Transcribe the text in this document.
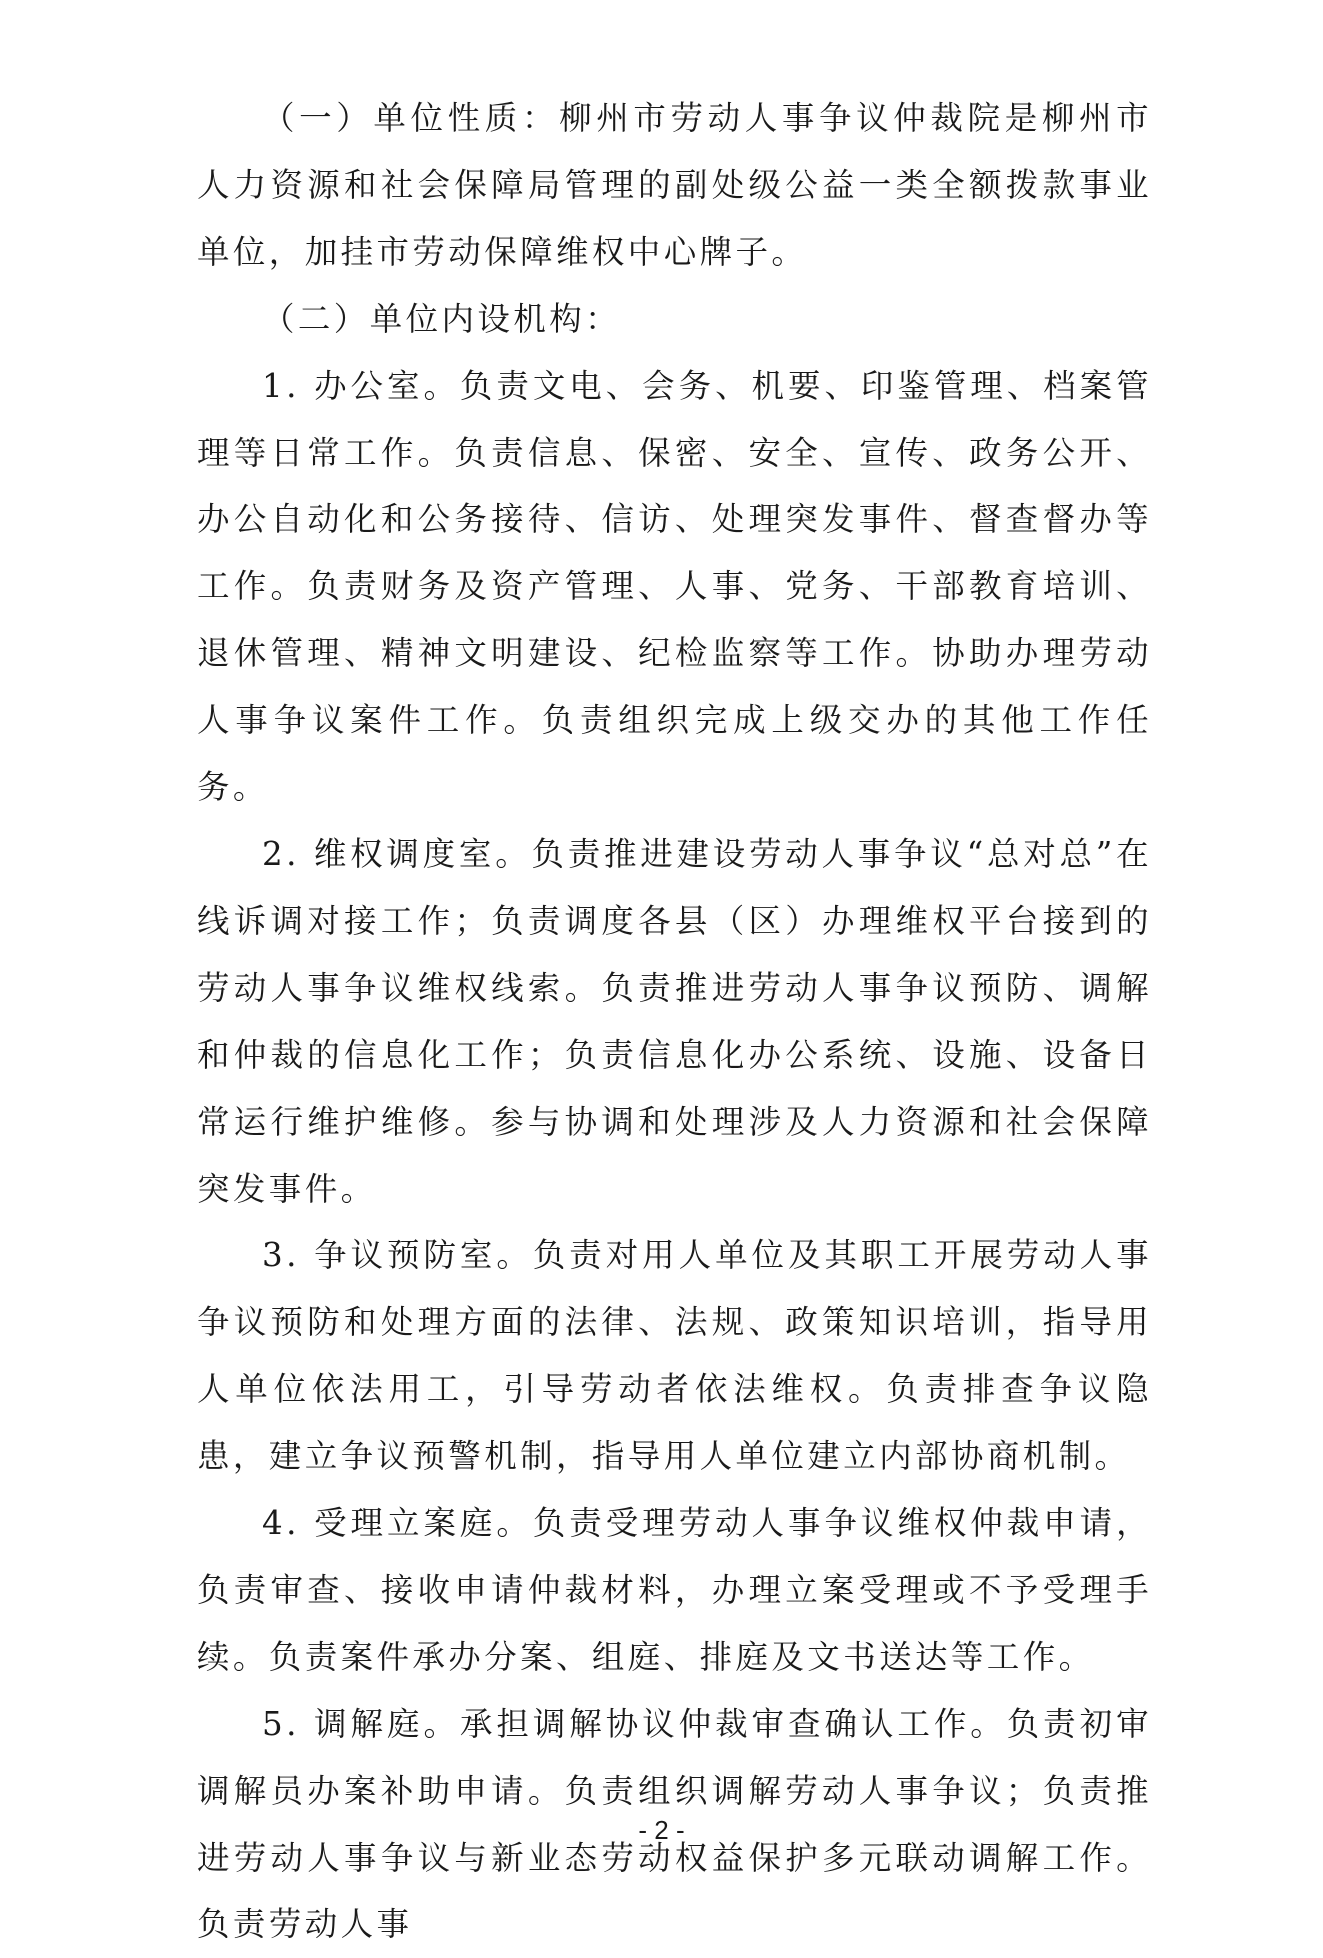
（一）单位性质：柳州市劳动人事争议仲裁院是柳州市人力资源和社会保障局管理的副处级公益一类全额拨款事业单位，加挂市劳动保障维权中心牌子。

（二）单位内设机构：

1. 办公室。负责文电、会务、机要、印鉴管理、档案管理等日常工作。负责信息、保密、安全、宣传、政务公开、办公自动化和公务接待、信访、处理突发事件、督查督办等工作。负责财务及资产管理、人事、党务、干部教育培训、退休管理、精神文明建设、纪检监察等工作。协助办理劳动人事争议案件工作。负责组织完成上级交办的其他工作任务。

2. 维权调度室。负责推进建设劳动人事争议“总对总”在线诉调对接工作；负责调度各县（区）办理维权平台接到的劳动人事争议维权线索。负责推进劳动人事争议预防、调解和仲裁的信息化工作；负责信息化办公系统、设施、设备日常运行维护维修。参与协调和处理涉及人力资源和社会保障突发事件。

3. 争议预防室。负责对用人单位及其职工开展劳动人事争议预防和处理方面的法律、法规、政策知识培训，指导用人单位依法用工，引导劳动者依法维权。负责排查争议隐患，建立争议预警机制，指导用人单位建立内部协商机制。

4. 受理立案庭。负责受理劳动人事争议维权仲裁申请，负责审查、接收申请仲裁材料，办理立案受理或不予受理手续。负责案件承办分案、组庭、排庭及文书送达等工作。

5. 调解庭。承担调解协议仲裁审查确认工作。负责初审调解员办案补助申请。负责组织调解劳动人事争议；负责推进劳动人事争议与新业态劳动权益保护多元联动调解工作。负责劳动人事

- 2 -
